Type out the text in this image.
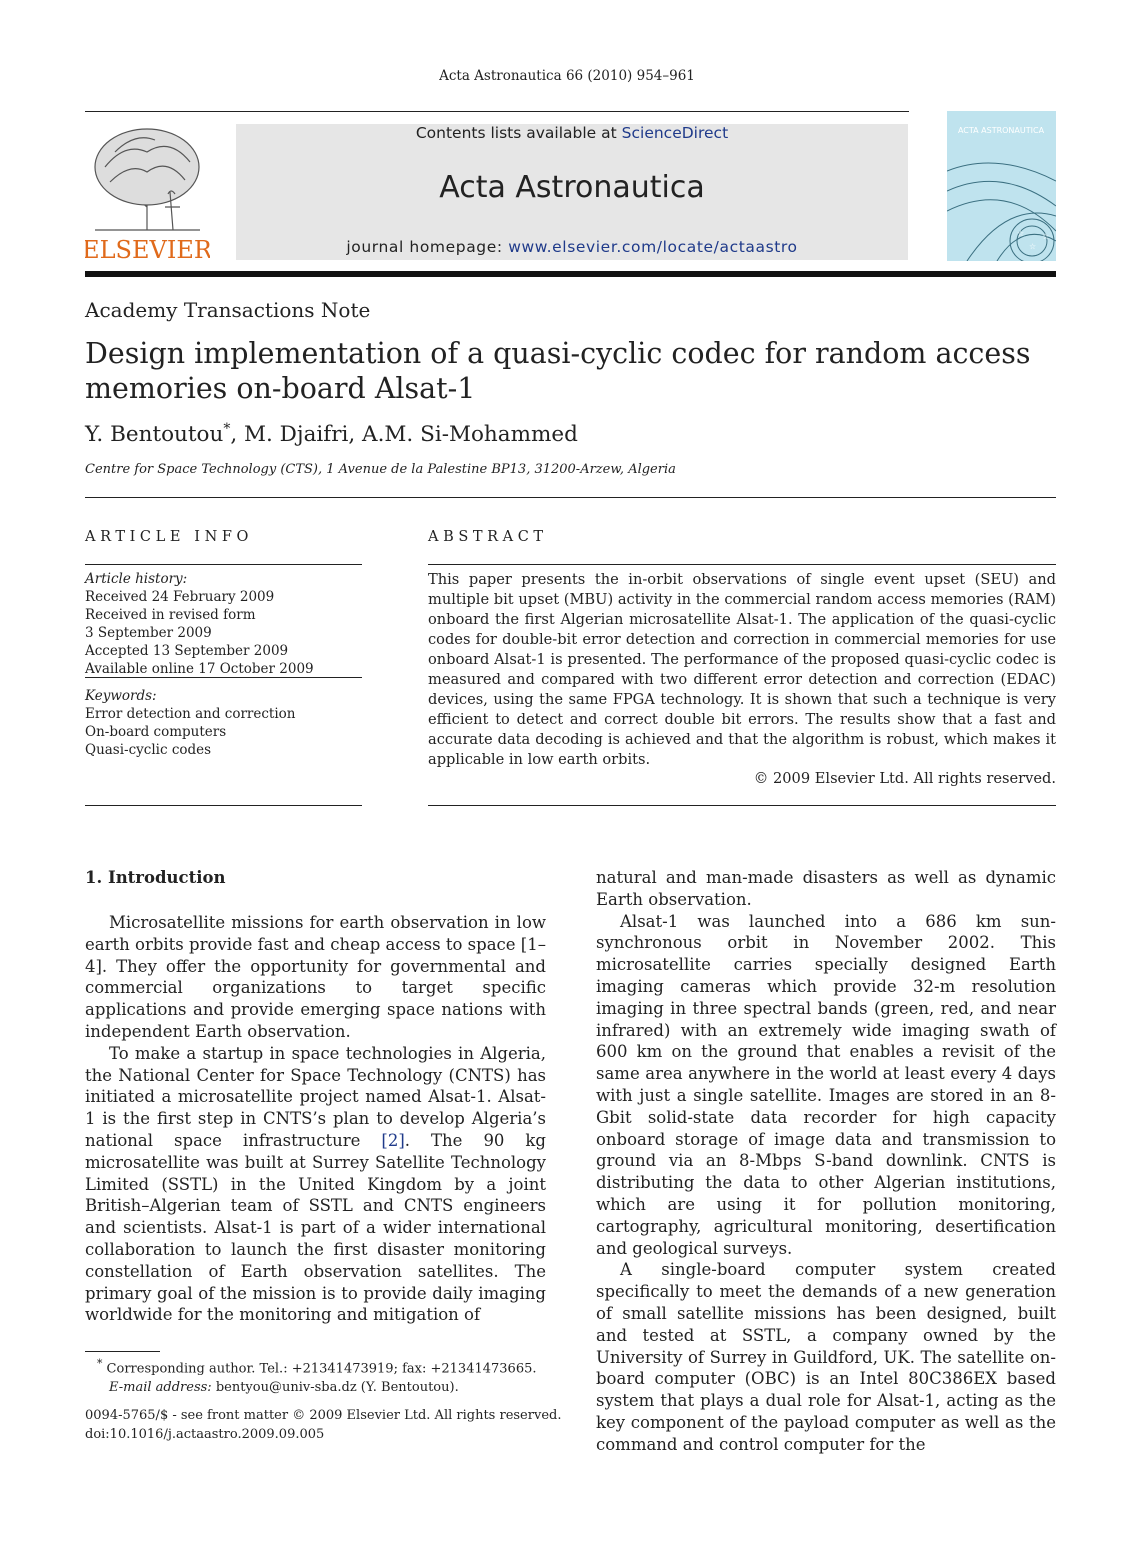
Acta Astronautica 66 (2010) 954–961
ELSEVIER
Contents lists available at ScienceDirect
Acta Astronautica
journal homepage: www.elsevier.com/locate/actaastro
ACTA ASTRONAUTICA
☆
☆
☆
Academy Transactions Note
Design implementation of a quasi-cyclic codec for random access memories on-board Alsat-1
Y. Bentoutou*, M. Djaifri, A.M. Si-Mohammed
Centre for Space Technology (CTS), 1 Avenue de la Palestine BP13, 31200-Arzew, Algeria
ARTICLE INFO
Article history:
Received 24 February 2009
Received in revised form
3 September 2009
Accepted 13 September 2009
Available online 17 October 2009
Keywords:
Error detection and correction
On-board computers
Quasi-cyclic codes
ABSTRACT
This paper presents the in-orbit observations of single event upset (SEU) and multiple bit upset (MBU) activity in the commercial random access memories (RAM) onboard the first Algerian microsatellite Alsat-1. The application of the quasi-cyclic codes for double-bit error detection and correction in commercial memories for use onboard Alsat-1 is presented. The performance of the proposed quasi-cyclic codec is measured and compared with two different error detection and correction (EDAC) devices, using the same FPGA technology. It is shown that such a technique is very efficient to detect and correct double bit errors. The results show that a fast and accurate data decoding is achieved and that the algorithm is robust, which makes it applicable in low earth orbits.
© 2009 Elsevier Ltd. All rights reserved.
1. Introduction

Microsatellite missions for earth observation in low earth orbits provide fast and cheap access to space [1–4]. They offer the opportunity for governmental and commercial organizations to target specific applications and provide emerging space nations with independent Earth observation.

To make a startup in space technologies in Algeria, the National Center for Space Technology (CNTS) has initiated a microsatellite project named Alsat-1. Alsat-1 is the first step in CNTS’s plan to develop Algeria’s national space infrastructure [2]. The 90 kg microsatellite was built at Surrey Satellite Technology Limited (SSTL) in the United Kingdom by a joint British–Algerian team of SSTL and CNTS engineers and scientists. Alsat-1 is part of a wider international collaboration to launch the first disaster monitoring constellation of Earth observation satellites. The primary goal of the mission is to provide daily imaging worldwide for the monitoring and mitigation of

natural and man-made disasters as well as dynamic Earth observation.

Alsat-1 was launched into a 686 km sun-synchronous orbit in November 2002. This microsatellite carries specially designed Earth imaging cameras which provide 32-m resolution imaging in three spectral bands (green, red, and near infrared) with an extremely wide imaging swath of 600 km on the ground that enables a revisit of the same area anywhere in the world at least every 4 days with just a single satellite. Images are stored in an 8-Gbit solid-state data recorder for high capacity onboard storage of image data and transmission to ground via an 8-Mbps S-band downlink. CNTS is distributing the data to other Algerian institutions, which are using it for pollution monitoring, cartography, agricultural monitoring, desertification and geological surveys.

A single-board computer system created specifically to meet the demands of a new generation of small satellite missions has been designed, built and tested at SSTL, a company owned by the University of Surrey in Guildford, UK. The satellite on-board computer (OBC) is an Intel 80C386EX based system that plays a dual role for Alsat-1, acting as the key component of the payload computer as well as the command and control computer for the

* Corresponding author. Tel.: +21341473919; fax: +21341473665.
E-mail address: bentyou@univ-sba.dz (Y. Bentoutou).
0094-5765/$ - see front matter © 2009 Elsevier Ltd. All rights reserved.
doi:10.1016/j.actaastro.2009.09.005
